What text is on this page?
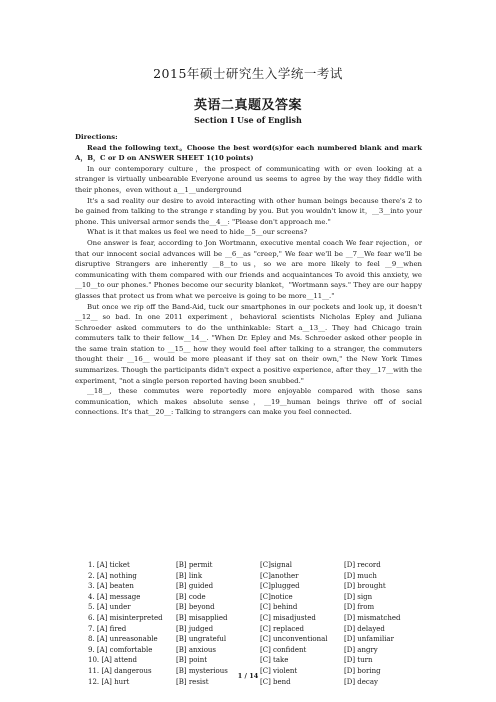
2015年硕士研究生入学统一考试
英语二真题及答案
Section I Use of English

Directions:

Read the following text。Choose the best word(s)for each numbered blank and mark A，B，C or D on ANSWER SHEET 1(10 points)

In our contemporary culture，the prospect of communicating with or even looking at a stranger is virtually unbearable Everyone around us seems to agree by the way they fiddle with their phones，even without a__1__underground

It's a sad reality our desire to avoid interacting with other human beings because there's 2 to be gained from talking to the strange r standing by you. But you wouldn't know it，__3__into your phone. This universal armor sends the__4__: "Please don't approach me."

What is it that makes us feel we need to hide__5__our screens?

One answer is fear, according to Jon Wortmann, executive mental coach We fear rejection，or that our innocent social advances will be __6__as "creep," We fear we'll be __7__We fear we'll be disruptive Strangers are inherently __8__to us，so we are more likely to feel __9__when communicating with them compared with our friends and acquaintances To avoid this anxiety, we __10__to our phones." Phones become our security blanket，"Wortmann says." They are our happy glasses that protect us from what we perceive is going to be more__11__."

But once we rip off the Band-Aid, tuck our smartphones in our pockets and look up, it doesn't __12__ so bad. In one 2011 experiment，behavioral scientists Nicholas Epley and Juliana Schroeder asked commuters to do the unthinkable: Start a__13__. They had Chicago train commuters talk to their fellow__14__. "When Dr. Epley and Ms. Schroeder asked other people in the same train station to __15__ how they would feel after talking to a stranger, the commuters thought their __16__ would be more pleasant if they sat on their own," the New York Times summarizes. Though the participants didn't expect a positive experience, after they__17__with the experiment, "not a single person reported having been snubbed."

__18__, these commutes were reportedly more enjoyable compared with those sans communication, which makes absolute sense，__19__human beings thrive off of social connections. It's that__20__: Talking to strangers can make you feel connected.

1. [A] ticket	[B] permit	[C]signal	[D] record
2. [A] nothing	[B] link	[C]another	[D] much
3. [A] beaten	[B] guided	[C]plugged	[D] brought
4. [A] message	[B] code	[C]notice	[D] sign
5. [A] under	[B] beyond	[C] behind	[D] from
6. [A] misinterpreted [B] misapplied	[C] misadjusted	[D] mismatched
7. [A] fired	[B] judged	[C] replaced	[D] delayed
8. [A] unreasonable	[B] ungrateful	[C] unconventional [D] unfamiliar
9. [A] comfortable	[B] anxious	[C] confident	[D] angry
10. [A] attend	[B] point	[C] take	[D] turn
11. [A] dangerous	[B] mysterious	[C] violent	[D] boring
12. [A] hurt	[B] resist	[C] bend	[D] decay
1 / 14
